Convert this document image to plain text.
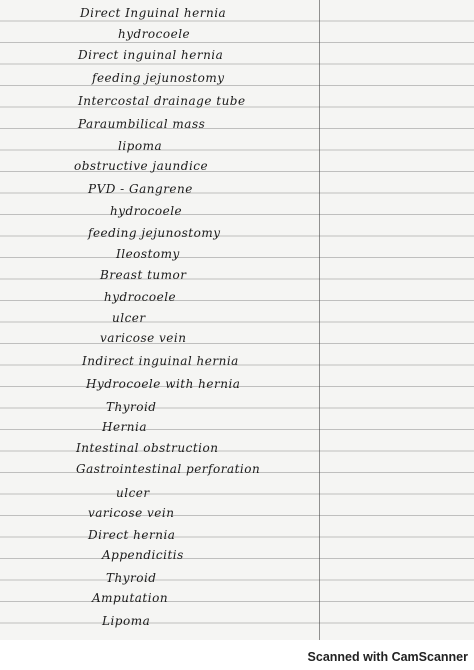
Direct Inguinal hernia
hydrocoele
Direct inguinal hernia
feeding jejunostomy
Intercostal drainage tube
Paraumbilical mass
lipoma
obstructive jaundice
PVD - Gangrene
hydrocoele
feeding jejunostomy
Ileostomy
Breast tumor
hydrocoele
ulcer
varicose vein
Indirect inguinal hernia
Hydrocoele with hernia
Thyroid
Hernia
Intestinal obstruction
Gastrointestinal perforation
ulcer
varicose vein
Direct hernia
Appendicitis
Thyroid
Amputation
Lipoma
Scanned with CamScanner
